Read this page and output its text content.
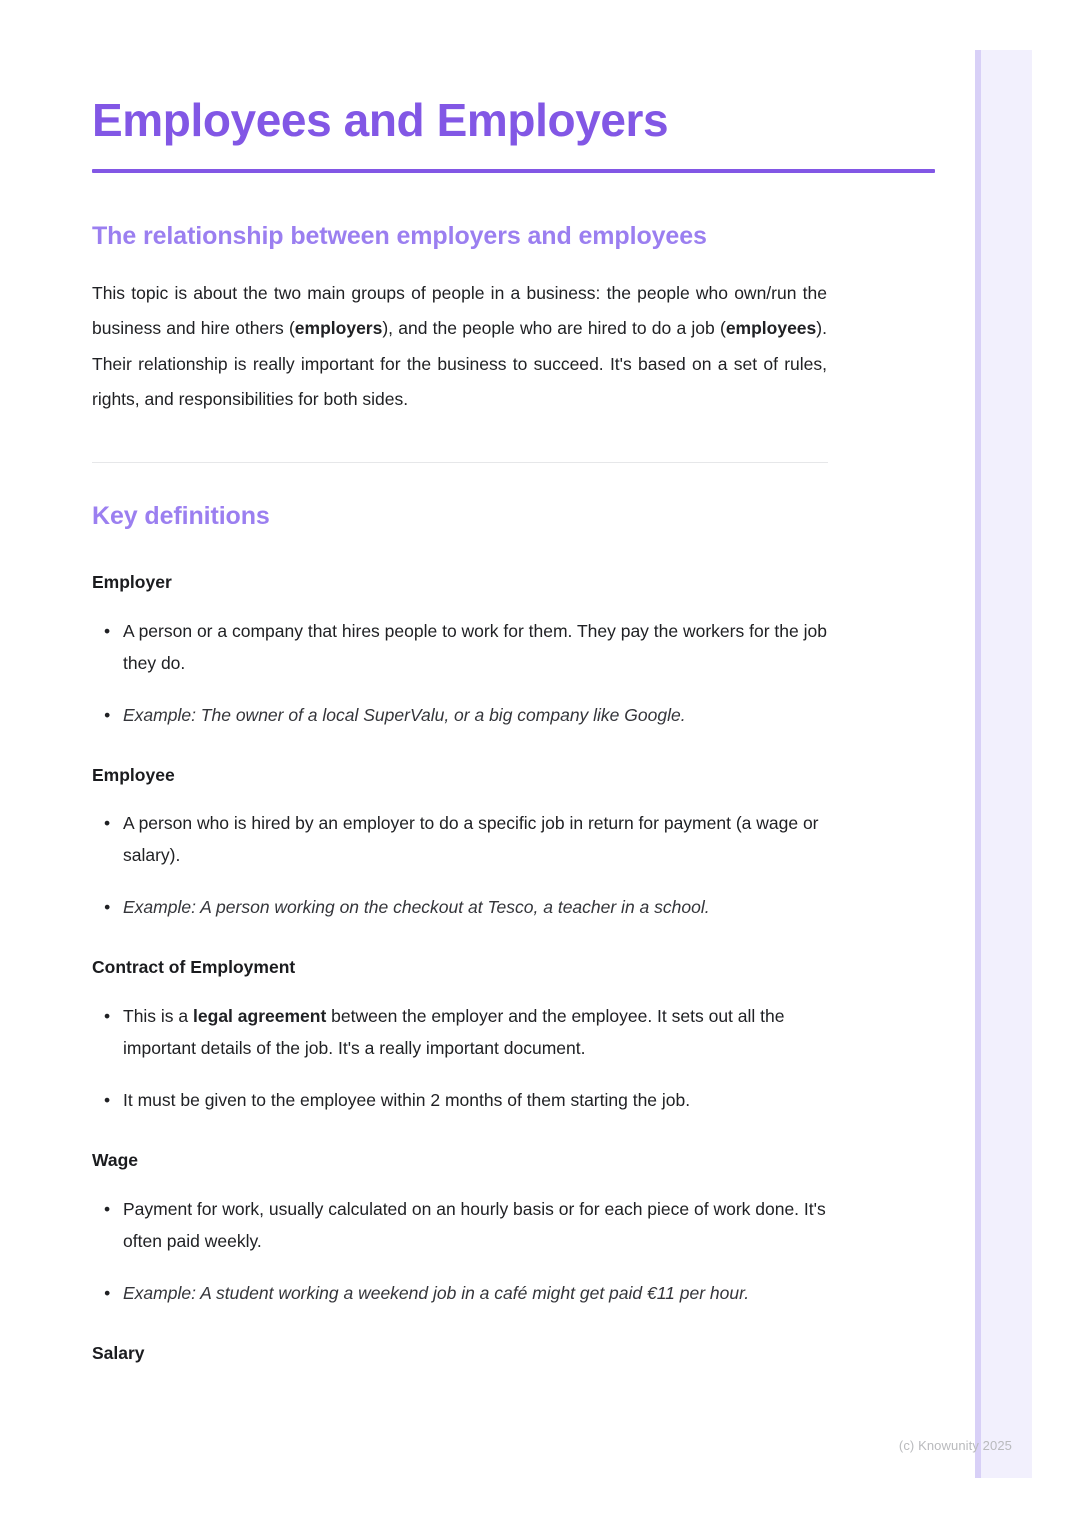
Employees and Employers
The relationship between employers and employees

This topic is about the two main groups of people in a business: the people who own/run the business and hire others (employers), and the people who are hired to do a job (employees). Their relationship is really important for the business to succeed. It's based on a set of rules, rights, and responsibilities for both sides.

Key definitions
Employer
• A person or a company that hires people to work for them. They pay the workers for the job they do.
• Example: The owner of a local SuperValu, or a big company like Google.
Employee
• A person who is hired by an employer to do a specific job in return for payment (a wage or salary).
• Example: A person working on the checkout at Tesco, a teacher in a school.
Contract of Employment
• This is a legal agreement between the employer and the employee. It sets out all the important details of the job. It's a really important document.
• It must be given to the employee within 2 months of them starting the job.
Wage
• Payment for work, usually calculated on an hourly basis or for each piece of work done. It's often paid weekly.
• Example: A student working a weekend job in a café might get paid €11 per hour.
Salary
(c) Knowunity 2025
